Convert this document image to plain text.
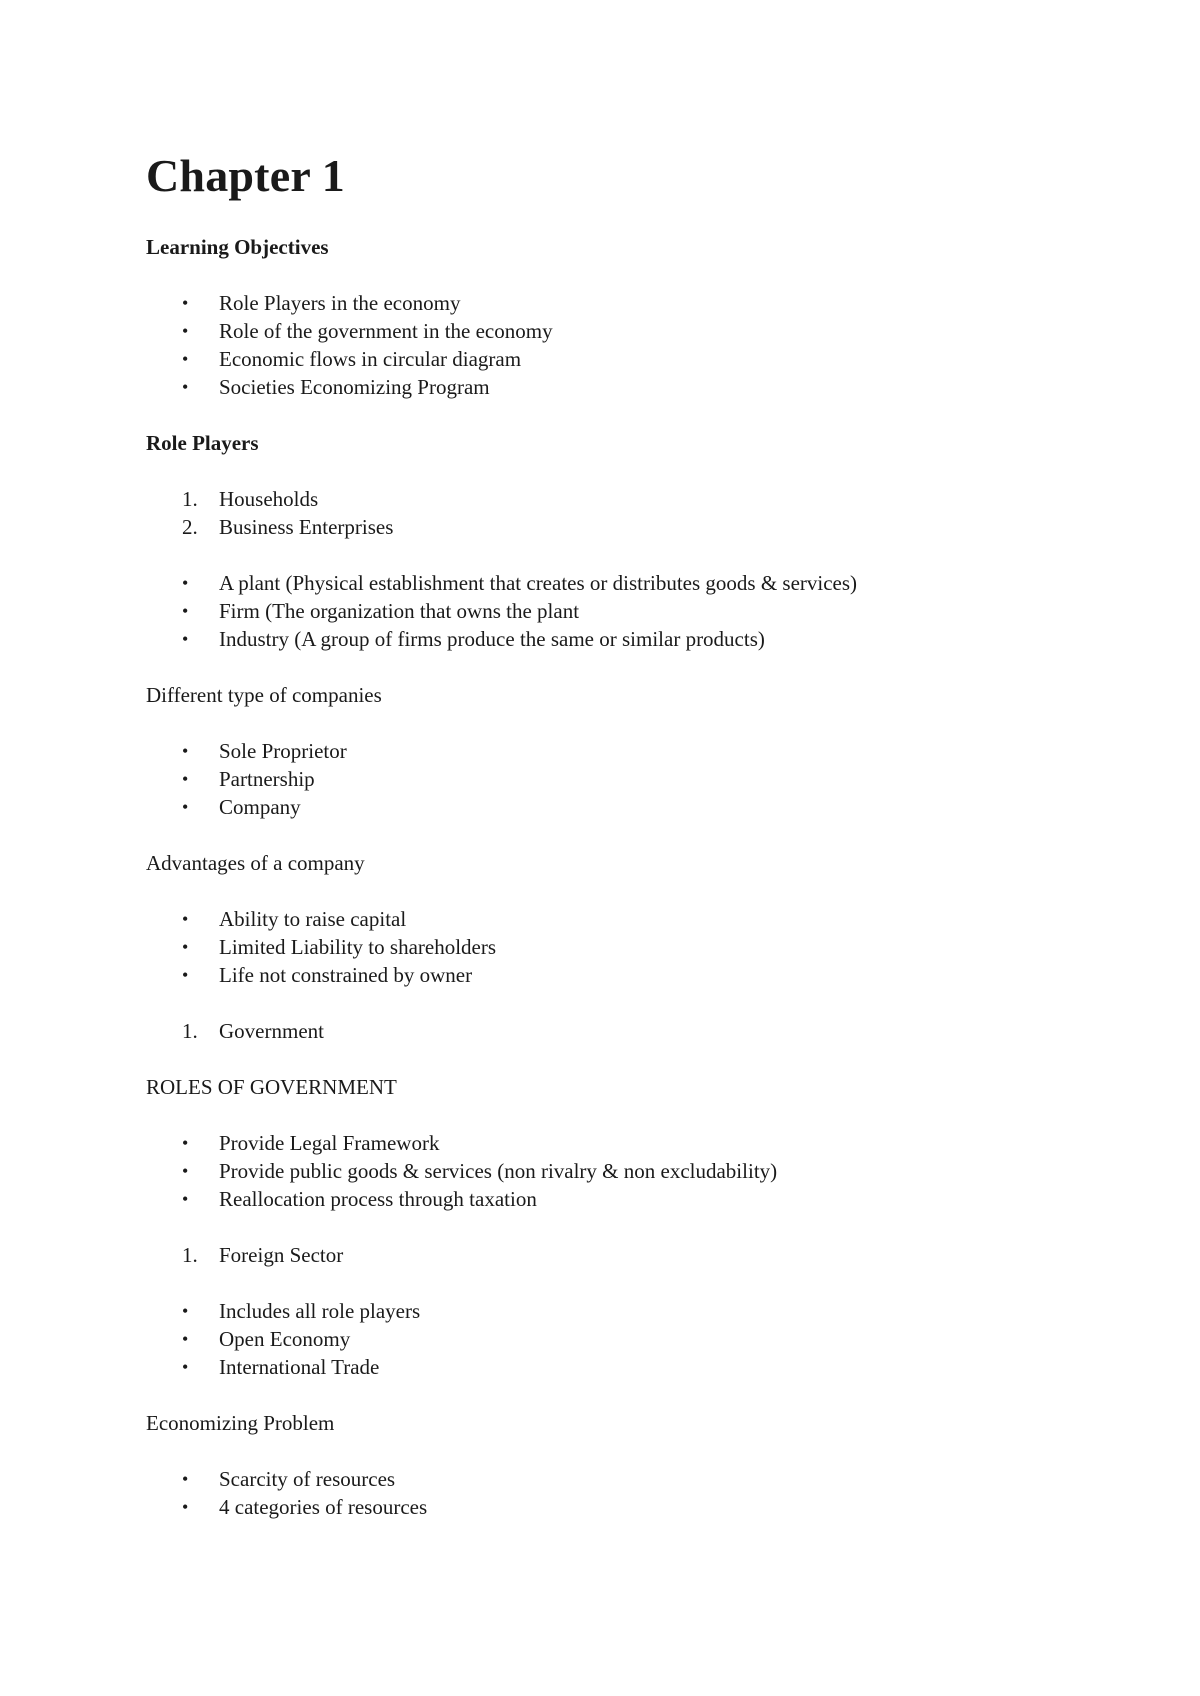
Chapter 1

Learning Objectives

• Role Players in the economy
• Role of the government in the economy
• Economic flows in circular diagram
• Societies Economizing Program

Role Players

1. Households
2. Business Enterprises
• A plant (Physical establishment that creates or distributes goods & services)
• Firm (The organization that owns the plant
• Industry (A group of firms produce the same or similar products)

Different type of companies

• Sole Proprietor
• Partnership
• Company

Advantages of a company

• Ability to raise capital
• Limited Liability to shareholders
• Life not constrained by owner
1. Government

ROLES OF GOVERNMENT

• Provide Legal Framework
• Provide public goods & services (non rivalry & non excludability)
• Reallocation process through taxation
1. Foreign Sector
• Includes all role players
• Open Economy
• International Trade

Economizing Problem

• Scarcity of resources
• 4 categories of resources
